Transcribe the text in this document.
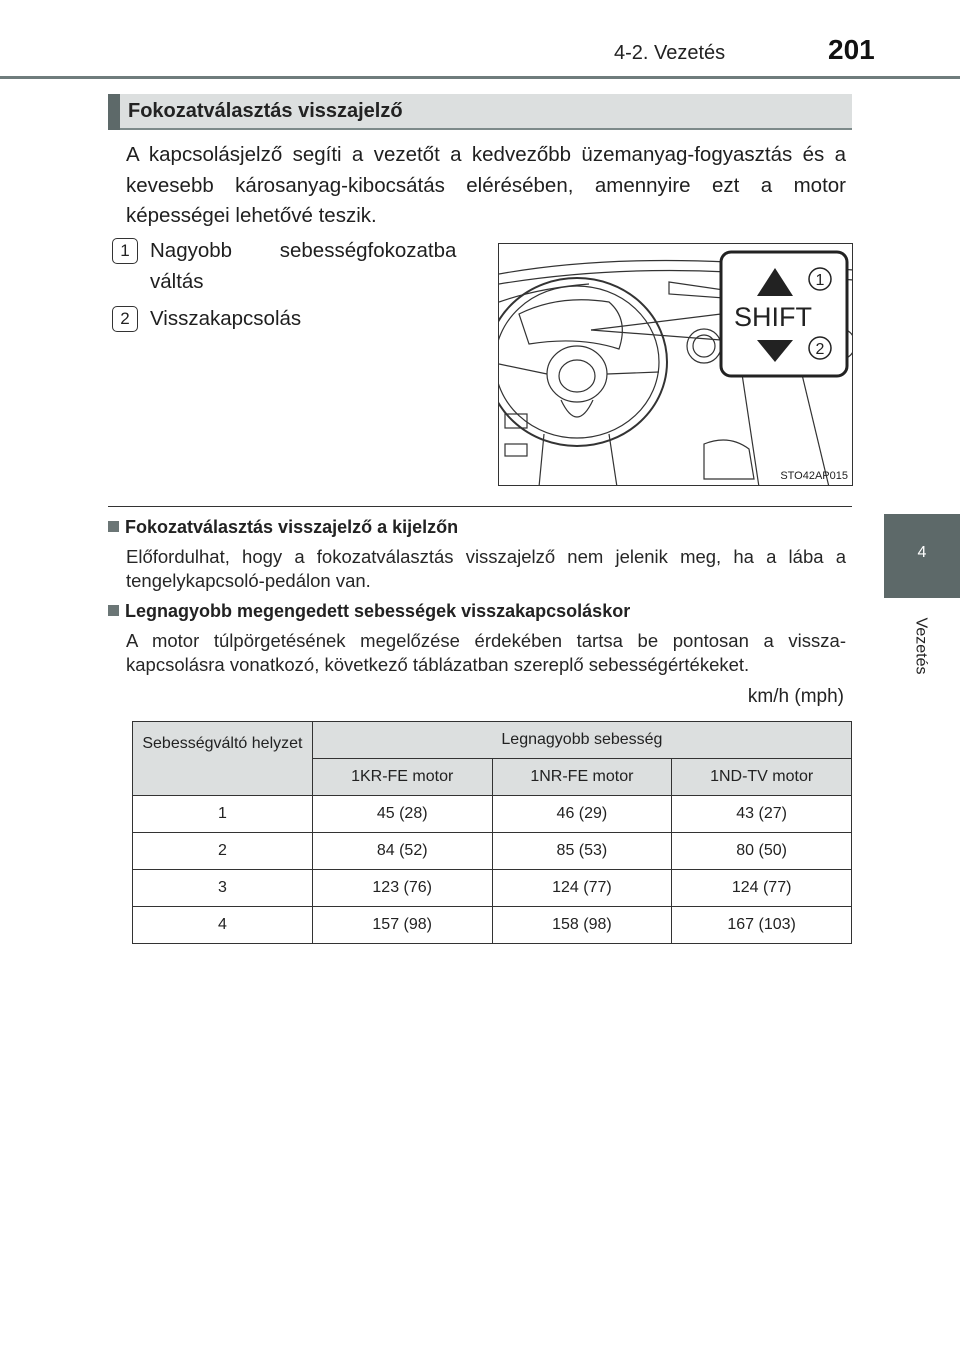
4-2. Vezetés	201
4
Vezetés
Fokozatválasztás visszajelző
A kapcsolásjelző segíti a vezetőt a kedvezőbb üzemanyag-fogyasztás és a kevesebb károsanyag-kibocsátás elérésében, amennyire ezt a motor képességei lehetővé teszik.
1 Nagyobb sebességfokozatba
váltás
2 Visszakapcsolás	SHIFT
1
2
STO42AP015
Fokozatválasztás visszajelző a kijelzőn
Előfordulhat, hogy a fokozatválasztás visszajelző nem jelenik meg, ha a lába a tengelykapcsoló-pedálon van.
Legnagyobb megengedett sebességek visszakapcsoláskor
A motor túlpörgetésének megelőzése érdekében tartsa be pontosan a vissza-kapcsolásra vonatkozó, következő táblázatban szereplő sebességértékeket.
km/h (mph)
Sebességváltó helyzet	Legnagyobb sebesség		
	1KR-FE motor	1NR-FE motor	1ND-TV motor
1	45 (28)	46 (29)	43 (27)
2	84 (52)	85 (53)	80 (50)
3	123 (76)	124 (77)	124 (77)
4	157 (98)	158 (98)	167 (103)
